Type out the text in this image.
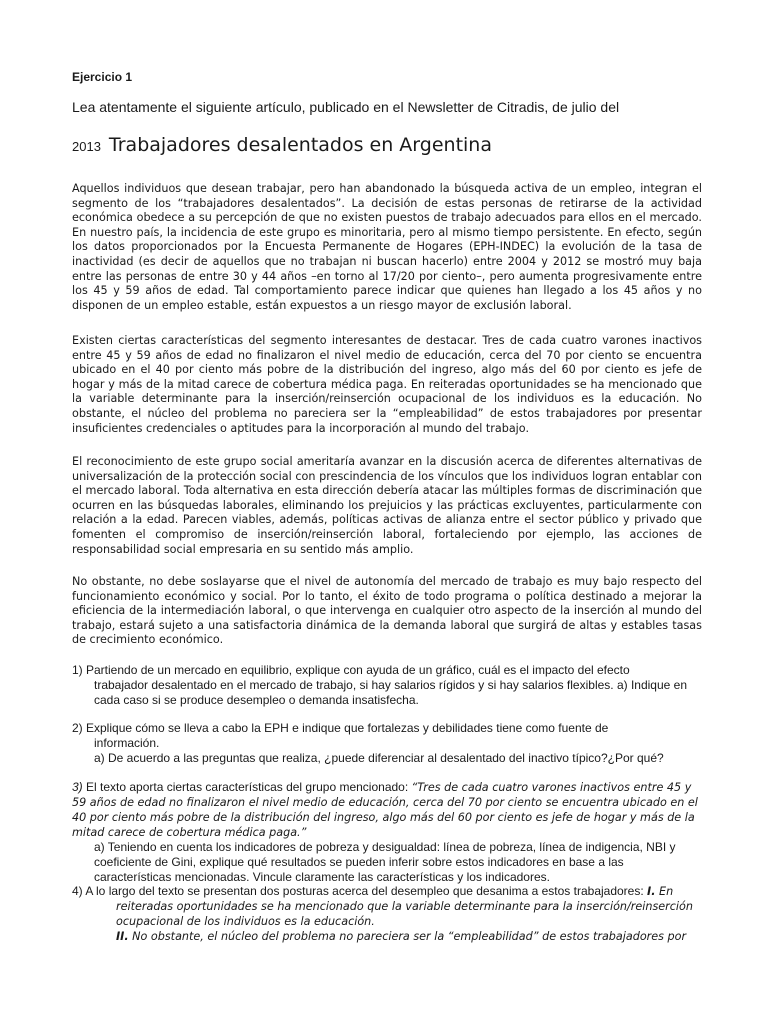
Ejercicio 1
Lea atentamente el siguiente artículo, publicado en el Newsletter de Citradis, de julio del
2013 Trabajadores desalentados en Argentina

Aquellos individuos que desean trabajar, pero han abandonado la búsqueda activa de un empleo, integran el segmento de los “trabajadores desalentados”. La decisión de estas personas de retirarse de la actividad económica obedece a su percepción de que no existen puestos de trabajo adecuados para ellos en el mercado. En nuestro país, la incidencia de este grupo es minoritaria, pero al mismo tiempo persistente. En efecto, según los datos proporcionados por la Encuesta Permanente de Hogares (EPH-INDEC) la evolución de la tasa de inactividad (es decir de aquellos que no trabajan ni buscan hacerlo) entre 2004 y 2012 se mostró muy baja entre las personas de entre 30 y 44 años –en torno al 17/20 por ciento–, pero aumenta progresivamente entre los 45 y 59 años de edad. Tal comportamiento parece indicar que quienes han llegado a los 45 años y no disponen de un empleo estable, están expuestos a un riesgo mayor de exclusión laboral.

Existen ciertas características del segmento interesantes de destacar. Tres de cada cuatro varones inactivos entre 45 y 59 años de edad no finalizaron el nivel medio de educación, cerca del 70 por ciento se encuentra ubicado en el 40 por ciento más pobre de la distribución del ingreso, algo más del 60 por ciento es jefe de hogar y más de la mitad carece de cobertura médica paga. En reiteradas oportunidades se ha mencionado que la variable determinante para la inserción/reinserción ocupacional de los individuos es la educación. No obstante, el núcleo del problema no pareciera ser la “empleabilidad” de estos trabajadores por presentar insuficientes credenciales o aptitudes para la incorporación al mundo del trabajo.

El reconocimiento de este grupo social ameritaría avanzar en la discusión acerca de diferentes alternativas de universalización de la protección social con prescindencia de los vínculos que los individuos logran entablar con el mercado laboral. Toda alternativa en esta dirección debería atacar las múltiples formas de discriminación que ocurren en las búsquedas laborales, eliminando los prejuicios y las prácticas excluyentes, particularmente con relación a la edad. Parecen viables, además, políticas activas de alianza entre el sector público y privado que fomenten el compromiso de inserción/reinserción laboral, fortaleciendo por ejemplo, las acciones de responsabilidad social empresaria en su sentido más amplio.

No obstante, no debe soslayarse que el nivel de autonomía del mercado de trabajo es muy bajo respecto del funcionamiento económico y social. Por lo tanto, el éxito de todo programa o política destinado a mejorar la eficiencia de la intermediación laboral, o que intervenga en cualquier otro aspecto de la inserción al mundo del trabajo, estará sujeto a una satisfactoria dinámica de la demanda laboral que surgirá de altas y estables tasas de crecimiento económico.

1) Partiendo de un mercado en equilibrio, explique con ayuda de un gráfico, cuál es el impacto del efecto
trabajador desalentado en el mercado de trabajo, si hay salarios rígidos y si hay salarios flexibles. a) Indique en cada caso si se produce desempleo o demanda insatisfecha.
2) Explique cómo se lleva a cabo la EPH e indique que fortalezas y debilidades tiene como fuente de
información.
a) De acuerdo a las preguntas que realiza, ¿puede diferenciar al desalentado del inactivo típico?¿Por qué?
3) El texto aporta ciertas características del grupo mencionado: “Tres de cada cuatro varones inactivos entre 45 y 59 años de edad no finalizaron el nivel medio de educación, cerca del 70 por ciento se encuentra ubicado en el 40 por ciento más pobre de la distribución del ingreso, algo más del 60 por ciento es jefe de hogar y más de la mitad carece de cobertura médica paga.”
a) Teniendo en cuenta los indicadores de pobreza y desigualdad: línea de pobreza, línea de indigencia, NBI y coeficiente de Gini, explique qué resultados se pueden inferir sobre estos indicadores en base a las características mencionadas. Vincule claramente las características y los indicadores.
4) A lo largo del texto se presentan dos posturas acerca del desempleo que desanima a estos trabajadores: I. En
reiteradas oportunidades se ha mencionado que la variable determinante para la inserción/reinserción ocupacional de los individuos es la educación.
II. No obstante, el núcleo del problema no pareciera ser la “empleabilidad” de estos trabajadores por
